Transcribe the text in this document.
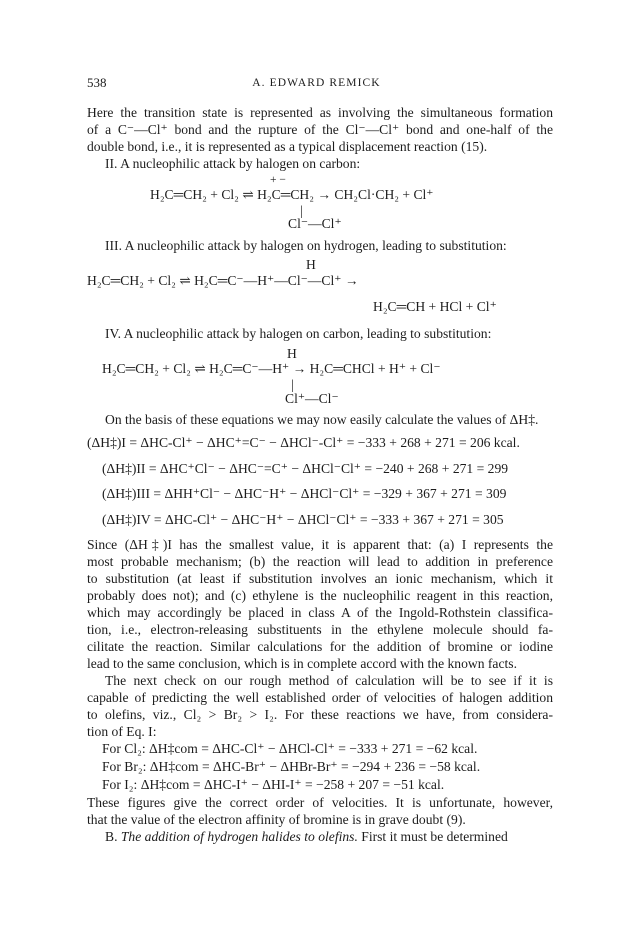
538	A. EDWARD REMICK
Here the transition state is represented as involving the simultaneous formation
of a C⁻—Cl⁺ bond and the rupture of the Cl⁻—Cl⁺ bond and one-half of the
double bond, i.e., it is represented as a typical displacement reaction (15).
II. A nucleophilic attack by halogen on carbon:
+ −
H₂C═CH₂ + Cl₂ ⇌ H₂C═CH₂ → CH₂Cl·CH₂ + Cl⁺
|
Cl⁻—Cl⁺
III. A nucleophilic attack by halogen on hydrogen, leading to substitution:
H
H₂C═CH₂ + Cl₂ ⇌ H₂C═C⁻—H⁺—Cl⁻—Cl⁺ →
H₂C═CH + HCl + Cl⁺
IV. A nucleophilic attack by halogen on carbon, leading to substitution:
H
H₂C═CH₂ + Cl₂ ⇌ H₂C═C⁻—H⁺ → H₂C═CHCl + H⁺ + Cl⁻
|
Cl⁺—Cl⁻
On the basis of these equations we may now easily calculate the values of ΔH‡.
(ΔH‡)I = ΔHC-Cl⁺ − ΔHC⁺=C⁻ − ΔHCl⁻-Cl⁺ = −333 + 268 + 271 = 206 kcal.
(ΔH‡)II = ΔHC⁺Cl⁻ − ΔHC⁻=C⁺ − ΔHCl⁻Cl⁺ = −240 + 268 + 271 = 299
(ΔH‡)III = ΔHH⁺Cl⁻ − ΔHC⁻H⁺ − ΔHCl⁻Cl⁺ = −329 + 367 + 271 = 309
(ΔH‡)IV = ΔHC-Cl⁺ − ΔHC⁻H⁺ − ΔHCl⁻Cl⁺ = −333 + 367 + 271 = 305
Since (ΔH‡)I has the smallest value, it is apparent that: (a) I represents the
most probable mechanism; (b) the reaction will lead to addition in preference
to substitution (at least if substitution involves an ionic mechanism, which it
probably does not); and (c) ethylene is the nucleophilic reagent in this reaction,
which may accordingly be placed in class A of the Ingold-Rothstein classifica-
tion, i.e., electron-releasing substituents in the ethylene molecule should fa-
cilitate the reaction. Similar calculations for the addition of bromine or iodine
lead to the same conclusion, which is in complete accord with the known facts.
The next check on our rough method of calculation will be to see if it is
capable of predicting the well established order of velocities of halogen addition
to olefins, viz., Cl₂ > Br₂ > I₂. For these reactions we have, from considera-
tion of Eq. I:
For Cl₂: ΔH‡com = ΔHC-Cl⁺ − ΔHCl-Cl⁺ = −333 + 271 = −62 kcal.
For Br₂: ΔH‡com = ΔHC-Br⁺ − ΔHBr-Br⁺ = −294 + 236 = −58 kcal.
For I₂: ΔH‡com = ΔHC-I⁺ − ΔHI-I⁺ = −258 + 207 = −51 kcal.
These figures give the correct order of velocities. It is unfortunate, however,
that the value of the electron affinity of bromine is in grave doubt (9).
B. The addition of hydrogen halides to olefins. First it must be determined
